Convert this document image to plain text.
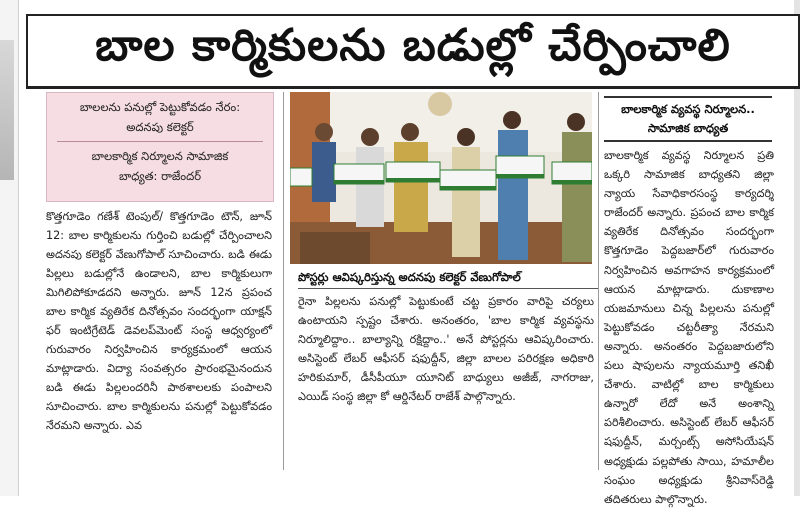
బాల కార్మికులను బడుల్లో చేర్పించాలి
బాలలను పనుల్లో పెట్టుకోవడం నేరం:
అదనపు కలెక్టర్
బాలకార్మిక నిర్మూలన సామాజిక
బాధ్యత: రాజేందర్
కొత్తగూడెం గణేశ్ టెంపుల్/ కొత్తగూడెం టౌన్, జూన్ 12: బాల కార్మికులను గుర్తించి బడుల్లో చేర్పించాలని అదనపు కలెక్టర్ వేణుగోపాల్ సూచించారు. బడి ఈడు పిల్లలు బడుల్లోనే ఉండాలని, బాల కార్మికులుగా మిగిలిపోకూడదని అన్నారు. జూన్ 12న ప్రపంచ బాల కార్మిక వ్యతిరేక దినోత్సవం సందర్భంగా యాక్షన్ ఫర్ ఇంటిగ్రేటెడ్ డెవలప్‌మెంట్ సంస్థ ఆధ్వర్యంలో గురువారం నిర్వహించిన కార్యక్రమంలో ఆయన మాట్లాడారు. విద్యా సంవత్సరం ప్రారంభమైనందున బడి ఈడు పిల్లలందరినీ పాఠశాలలకు పంపాలని సూచించారు. బాల కార్మికులను పనుల్లో పెట్టుకోవడం నేరమని అన్నారు. ఎవ
పోస్టర్లు ఆవిష్కరిస్తున్న అదనపు కలెక్టర్ వేణుగోపాల్
రైనా పిల్లలను పనుల్లో పెట్టుకుంటే చట్ట ప్రకారం వారిపై చర్యలు ఉంటాయని స్పష్టం చేశారు. అనంతరం, 'బాల కార్మిక వ్యవస్థను నిర్మూలిద్దాం.. బాల్యాన్ని రక్షిద్దాం..' అనే పోస్టర్లను ఆవిష్కరించారు. అసిస్టెంట్ లేబర్ ఆఫీసర్ షఫుద్దీన్, జిల్లా బాలల పరిరక్షణ అధికారి హరికుమార్, డీసీపీయూ యూనిట్ బాధ్యులు అజీజ్, నాగరాజు, ఎయిడ్ సంస్థ జిల్లా కో ఆర్డినేటర్ రాజేశ్ పాల్గొన్నారు.
బాలకార్మిక వ్యవస్థ నిర్మూలన.. సామాజిక బాధ్యత
బాలకార్మిక వ్యవస్థ నిర్మూలన ప్రతి ఒక్కరి సామాజిక బాధ్యతని జిల్లా న్యాయ సేవాధికారసంస్థ కార్యదర్శి రాజేందర్ అన్నారు. ప్రపంచ బాల కార్మిక వ్యతిరేక దినోత్సవం సందర్భంగా కొత్తగూడెం పెద్దబజార్‌లో గురువారం నిర్వహించిన అవగాహన కార్యక్రమంలో ఆయన మాట్లాడారు. దుకాణాల యజమానులు చిన్న పిల్లలను పనుల్లో పెట్టుకోవడం చట్టరీత్యా నేరమని అన్నారు. అనంతరం పెద్దబజారులోని పలు షాపులను న్యాయమూర్తి తనిఖీ చేశారు. వాటిల్లో బాల కార్మికులు ఉన్నారో లేదో అనే అంశాన్ని పరిశీలించారు. అసిస్టెంట్ లేబర్ ఆఫీసర్ షఫుద్దీన్, మర్చంట్స్ అసోసియేషన్ అధ్యక్షుడు పల్లపోతు సాయి, హమాలీల సంఘం అధ్యక్షుడు శ్రీనివాస్‌రెడ్డి తదితరులు పాల్గొన్నారు.
